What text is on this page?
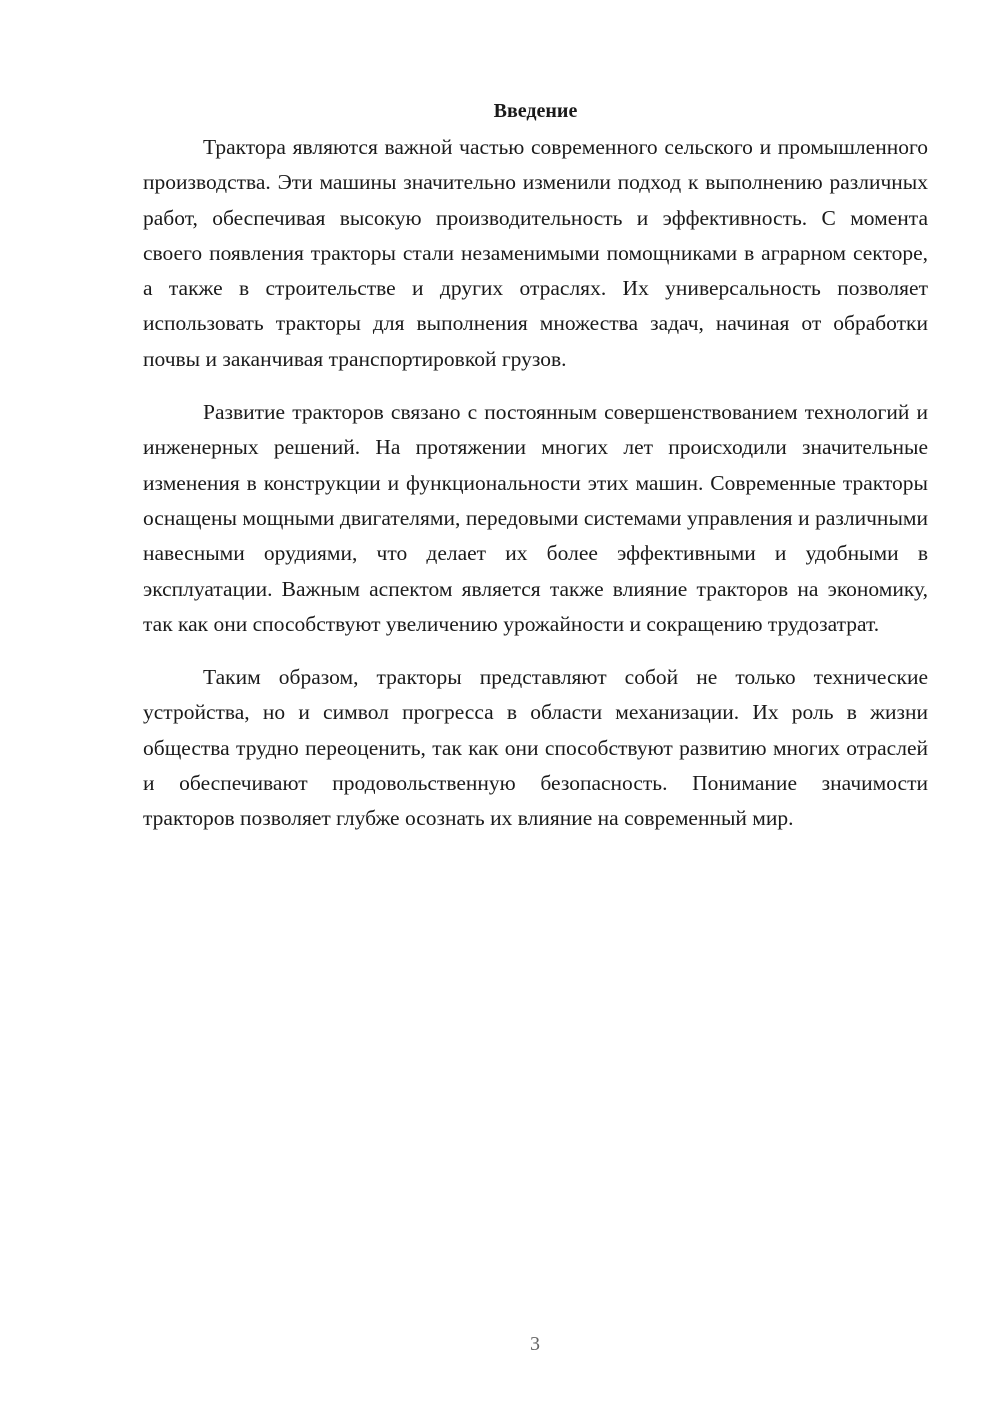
Введение

Трактора являются важной частью современного сельского и промышленного производства. Эти машины значительно изменили подход к выполнению различных работ, обеспечивая высокую производительность и эффективность. С момента своего появления тракторы стали незаменимыми помощниками в аграрном секторе, а также в строительстве и других отраслях. Их универсальность позволяет использовать тракторы для выполнения множества задач, начиная от обработки почвы и заканчивая транспортировкой грузов.

Развитие тракторов связано с постоянным совершенствованием технологий и инженерных решений. На протяжении многих лет происходили значительные изменения в конструкции и функциональности этих машин. Современные тракторы оснащены мощными двигателями, передовыми системами управления и различными навесными орудиями, что делает их более эффективными и удобными в эксплуатации. Важным аспектом является также влияние тракторов на экономику, так как они способствуют увеличению урожайности и сокращению трудозатрат.

Таким образом, тракторы представляют собой не только технические устройства, но и символ прогресса в области механизации. Их роль в жизни общества трудно переоценить, так как они способствуют развитию многих отраслей и обеспечивают продовольственную безопасность. Понимание значимости тракторов позволяет глубже осознать их влияние на современный мир.

3
